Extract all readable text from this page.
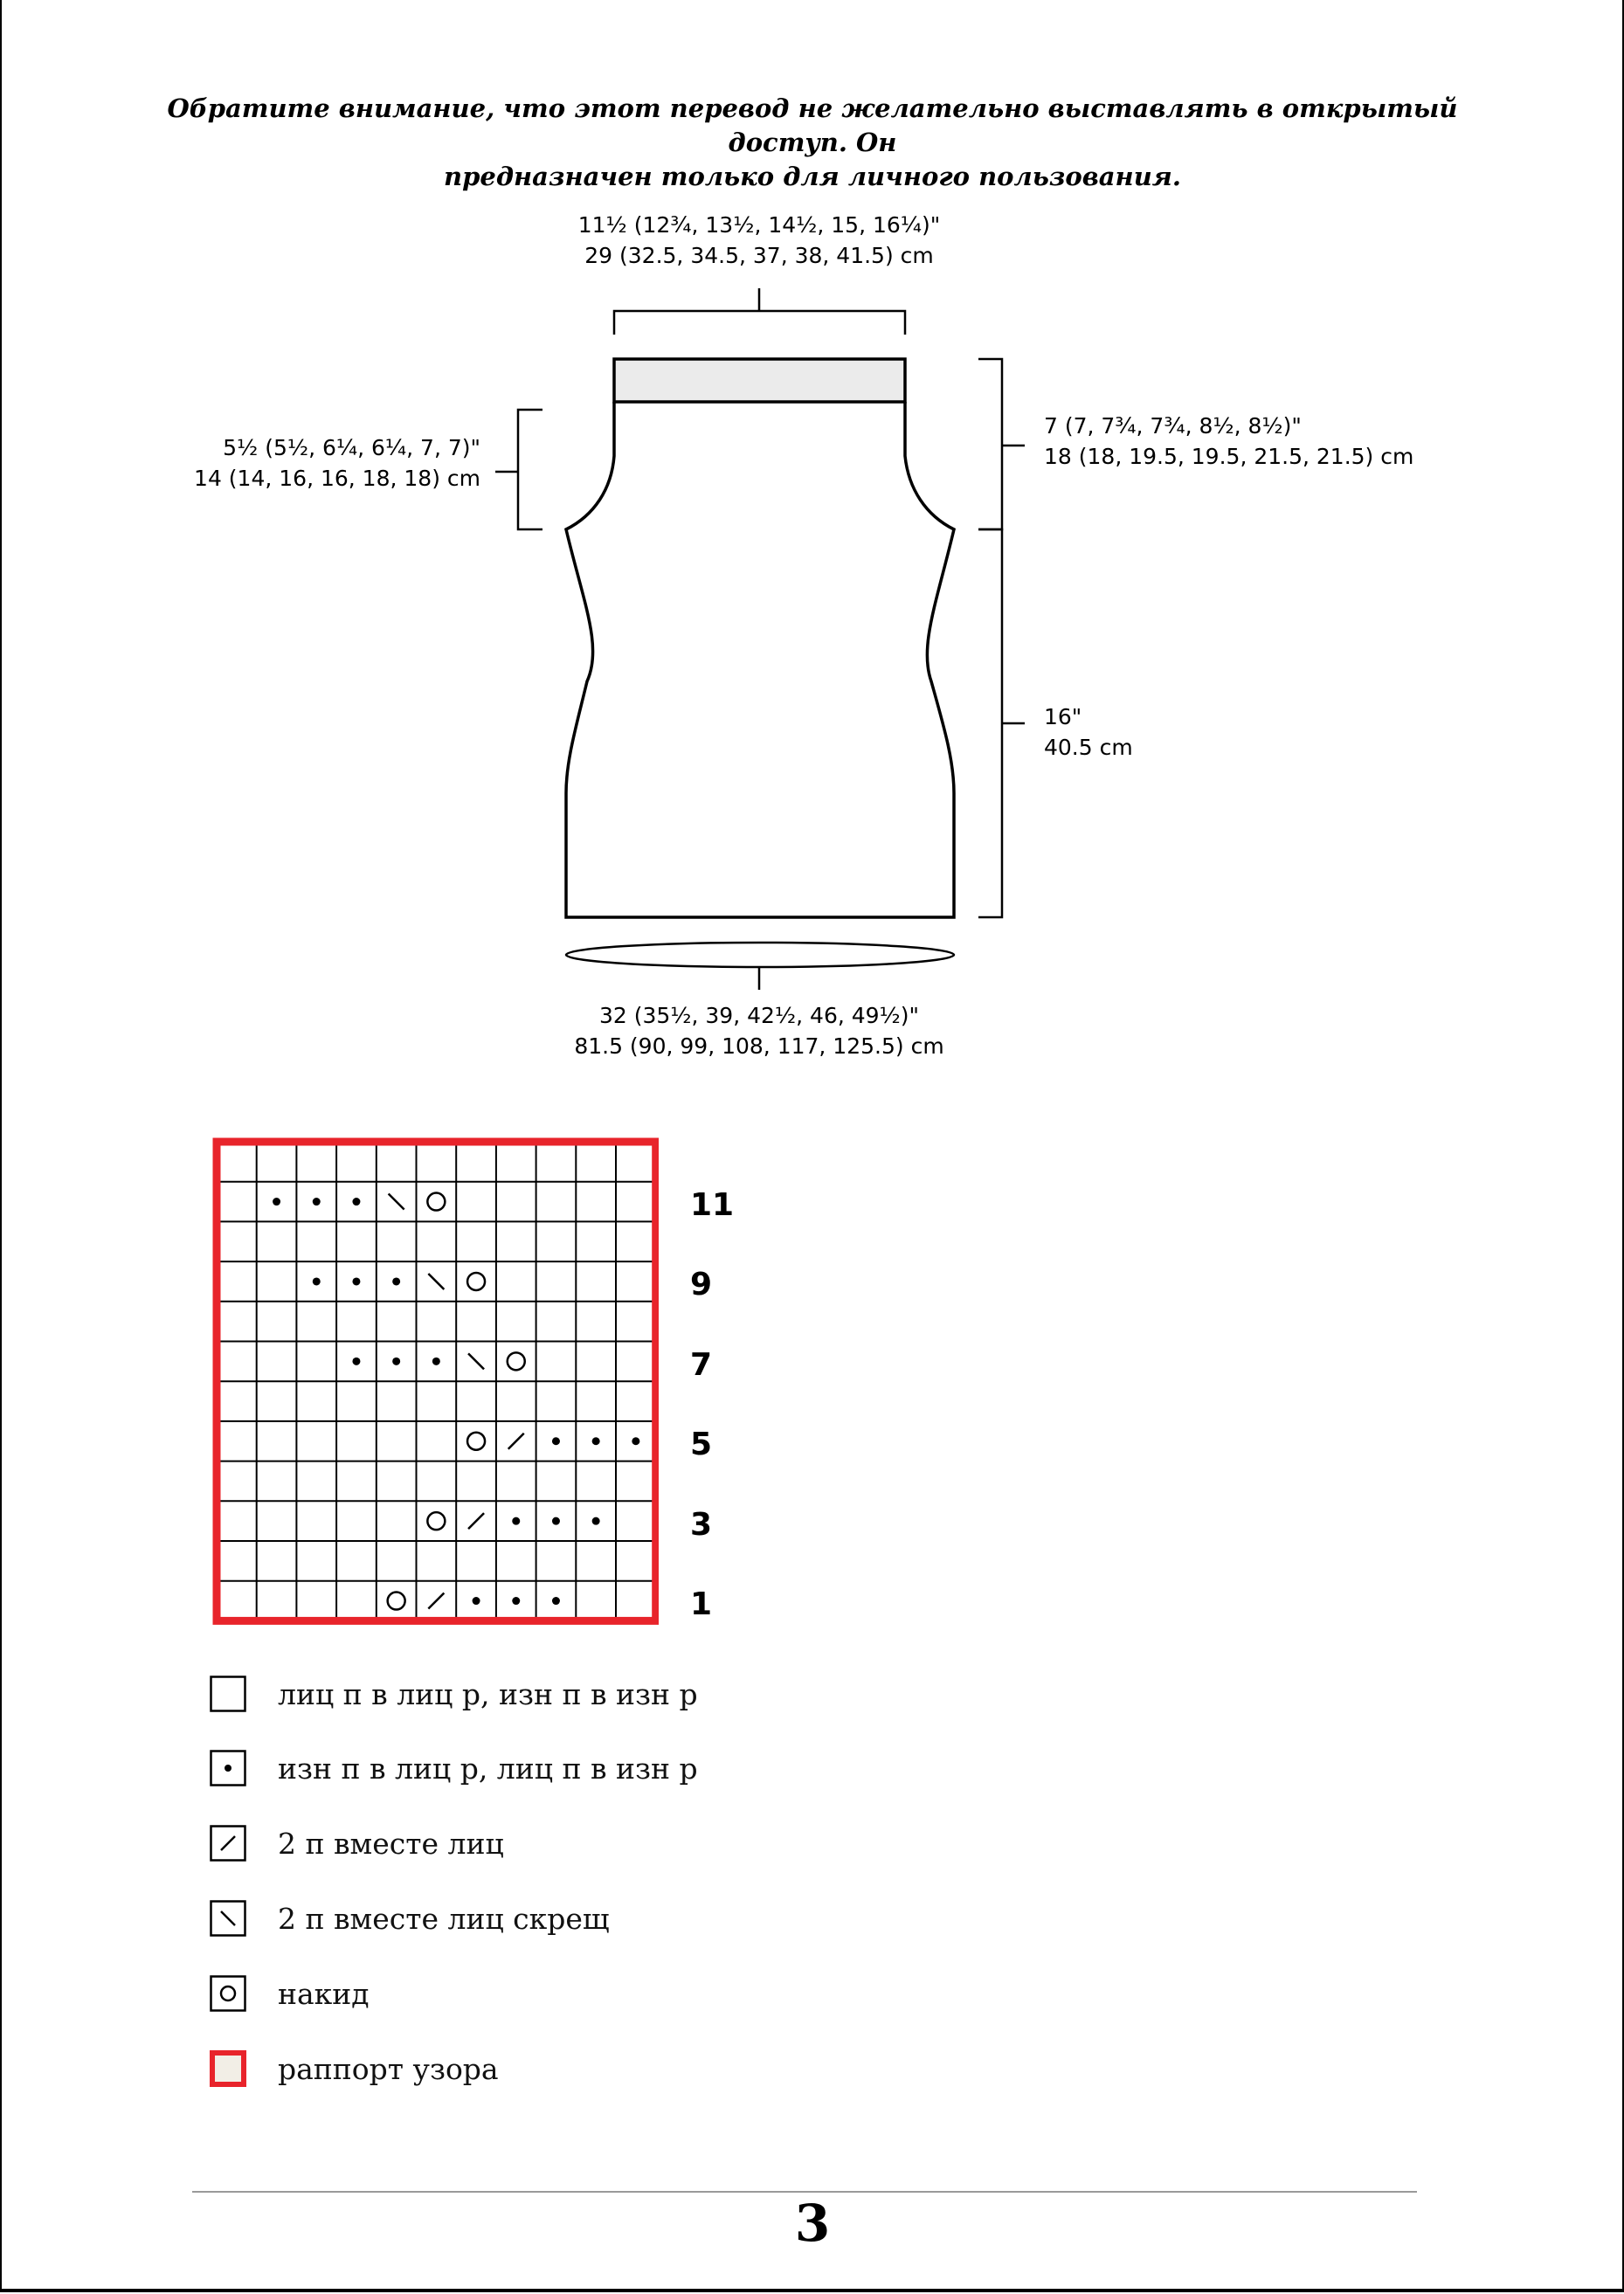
Обратите внимание, что этот перевод не желательно выставлять в открытый доступ. Он
предназначен только для личного пользования.
11½ (12¾, 13½, 14½, 15, 16¼)"
29 (32.5, 34.5, 37, 38, 41.5) cm
5½ (5½, 6¼, 6¼, 7, 7)"
14 (14, 16, 16, 18, 18) cm
7 (7, 7¾, 7¾, 8½, 8½)"
18 (18, 19.5, 19.5, 21.5, 21.5) cm
16"
40.5 cm
32 (35½, 39, 42½, 46, 49½)"
81.5 (90, 99, 108, 117, 125.5) cm
11
9
7
5
3
1
лиц п в лиц р, изн п в изн р
изн п в лиц р, лиц п в изн р
2 п вместе лиц
2 п вместе лиц скрещ
накид
раппорт узора
3
